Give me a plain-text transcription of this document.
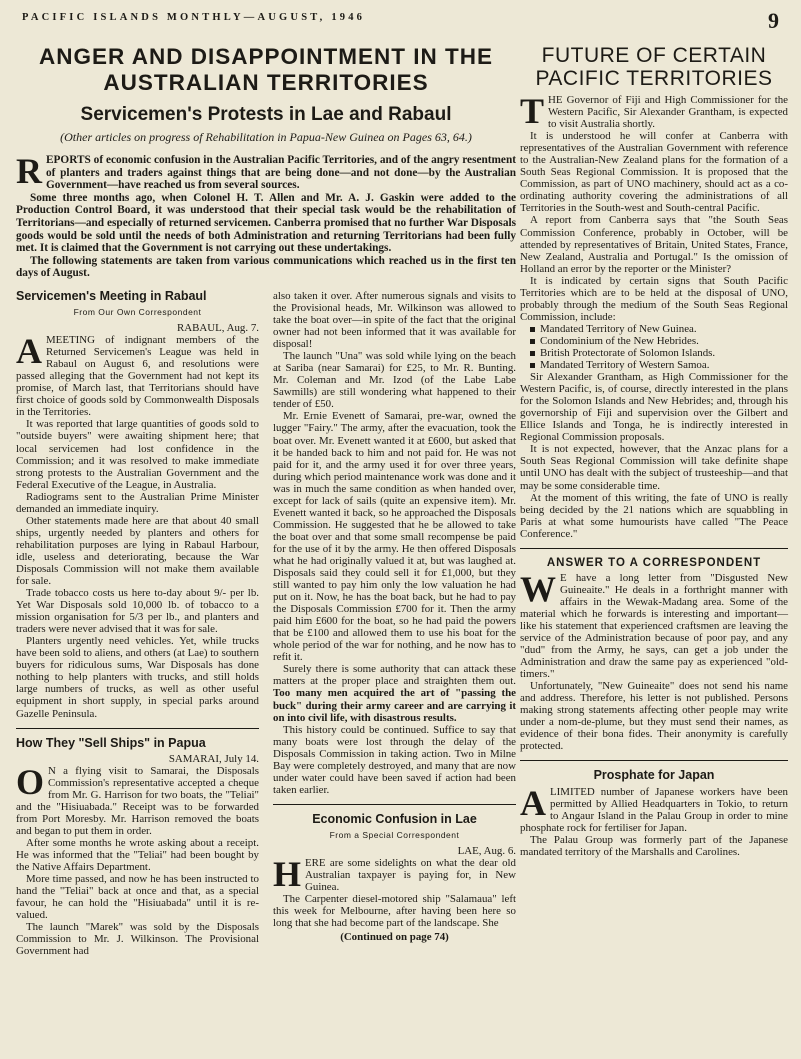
PACIFIC ISLANDS MONTHLY—AUGUST, 1946	9
ANGER AND DISAPPOINTMENT IN THE AUSTRALIAN TERRITORIES
Servicemen's Protests in Lae and Rabaul
(Other articles on progress of Rehabilitation in Papua-New Guinea on Pages 63, 64.)

REPORTS of economic confusion in the Australian Pacific Territories, and of the angry resentment of planters and traders against things that are being done—and not done—by the Australian Government—have reached us from several sources.

Some three months ago, when Colonel H. T. Allen and Mr. A. J. Gaskin were added to the Production Control Board, it was understood that their special task would be the rehabilitation of Territorians—and especially of returned servicemen. Canberra promised that no further War Disposals goods would be sold until the needs of both Administration and returning Territorians had been fully met. It is claimed that the Government is not carrying out these undertakings.

The following statements are taken from various communications which reached us in the first ten days of August.

Servicemen's Meeting in Rabaul
From Our Own Correspondent

RABAUL, Aug. 7.

A MEETING of indignant members of the Returned Servicemen's League was held in Rabaul on August 6, and resolutions were passed alleging that the Government had not kept its promise, of March last, that Territorians should have first choice of goods sold by Commonwealth Disposals in the Territories.

It was reported that large quantities of goods sold to "outside buyers" were awaiting shipment here; that local servicemen had lost confidence in the Commission; and it was resolved to make immediate strong protests to the Australian Government and the Federal Executive of the League, in Australia.

Radiograms sent to the Australian Prime Minister demanded an immediate inquiry.

Other statements made here are that about 40 small ships, urgently needed by planters and others for rehabilitation purposes are lying in Rabaul Harbour, idle, useless and deteriorating, because the War Disposals Commission will not make them available for sale.

Trade tobacco costs us here to-day about 9/- per lb. Yet War Disposals sold 10,000 lb. of tobacco to a mission organisation for 5/3 per lb., and planters and traders were never advised that it was for sale.

Planters urgently need vehicles. Yet, while trucks have been sold to aliens, and others (at Lae) to southern buyers for ridiculous sums, War Disposals has done nothing to help planters with trucks, and still holds large numbers of trucks, as well as other useful equipment in short supply, in special parks around Gazelle Peninsula.

How They "Sell Ships" in Papua

SAMARAI, July 14.

O N a flying visit to Samarai, the Disposals Commission's representative accepted a cheque from Mr. G. Harrison for two boats, the "Teliai" and the "Hisiuabada." Receipt was to be forwarded from Port Moresby. Mr. Harrison removed the boats and began to put them in order.

After some months he wrote asking about a receipt. He was informed that the "Teliai" had been bought by the Native Affairs Department.

More time passed, and now he has been instructed to hand the "Teliai" back at once and that, as a special favour, he can hold the "Hisiuabada" until it is re-valued.

The launch "Marek" was sold by the Disposals Commission to Mr. J. Wilkinson. The Provisional Government had

also taken it over. After numerous signals and visits to the Provisional heads, Mr. Wilkinson was allowed to take the boat over—in spite of the fact that the original owner had not been informed that it was available for disposal!

The launch "Una" was sold while lying on the beach at Sariba (near Samarai) for £25, to Mr. R. Bunting. Mr. Coleman and Mr. Izod (of the Labe Labe Sawmills) are still wondering what happened to their tender of £50.

Mr. Ernie Evenett of Samarai, pre-war, owned the lugger "Fairy." The army, after the evacuation, took the boat over. Mr. Evenett wanted it at £600, but asked that it be handed back to him and not paid for. He was not paid for it, and the army used it for over three years, during which period maintenance work was done and it was in much the same condition as when handed over, except for lack of sails (quite an expensive item). Mr. Evenett wanted it back, so he approached the Disposals Commission. He suggested that he be allowed to take the boat over and that some small recompense be paid for the use of it by the army. He then offered Disposals what he had originally valued it at, but was laughed at. Disposals said they could sell it for £1,000, but they still wanted to pay him only the low valuation he had put on it. Now, he has the boat back, but he had to pay the Disposals Commission £700 for it. Then the army paid him £600 for the boat, so he had paid the powers that be £100 and allowed them to use his boat for the whole period of the war for nothing, and he now has to refit it.

Surely there is some authority that can attack these matters at the proper place and straighten them out. Too many men acquired the art of "passing the buck" during their army career and are carrying it on into civil life, with disastrous results.

This history could be continued. Suffice to say that many boats were lost through the delay of the Disposals Commission in taking action. Two in Milne Bay were completely destroyed, and many that are now under water could have been saved if action had been taken earlier.

Economic Confusion in Lae
From a Special Correspondent

LAE, Aug. 6.

HERE are some sidelights on what the dear old Australian taxpayer is paying for, in New Guinea.

The Carpenter diesel-motored ship "Salamaua" left this week for Melbourne, after having been here so long that she had become part of the landscape. She

(Continued on page 74)
FUTURE OF CERTAIN PACIFIC TERRITORIES

THE Governor of Fiji and High Commissioner for the Western Pacific, Sir Alexander Grantham, is expected to visit Australia shortly.

It is understood he will confer at Canberra with representatives of the Australian Government with reference to the Australian-New Zealand plans for the formation of a South Seas Regional Commission. It is proposed that the Commission, as part of UNO machinery, should act as a co-ordinating authority covering the administrations of all Territories in the South-west and South-central Pacific.

A report from Canberra says that "the South Seas Commission Conference, probably in October, will be attended by representatives of Britain, United States, France, New Zealand, Australia and Portugal." Is the omission of Holland an error by the reporter or the Minister?

It is indicated by certain signs that South Pacific Territories which are to be held at the disposal of UNO, probably through the medium of the South Seas Regional Commission, include:

Mandated Territory of New Guinea.
Condominium of the New Hebrides.
British Protectorate of Solomon Islands.
Mandated Territory of Western Samoa.

Sir Alexander Grantham, as High Commissioner for the Western Pacific, is, of course, directly interested in the plans for the Solomon Islands and New Hebrides; and, through his governorship of Fiji and supervision over the Gilbert and Ellice Islands and Tonga, he is indirectly interested in Regional Commission proposals.

It is not expected, however, that the Anzac plans for a South Seas Regional Commission will take definite shape until UNO has dealt with the subject of trusteeship—and that may be some considerable time.

At the moment of this writing, the fate of UNO is really being decided by the 21 nations which are squabbling in Paris at what some humourists have called "The Peace Conference."

ANSWER TO A CORRESPONDENT

W E have a long letter from "Disgusted New Guineaite." He deals in a forthright manner with affairs in the Wewak-Madang area. Some of the material which he forwards is interesting and important—like his statement that experienced craftsmen are leaving the service of the Administration because of poor pay, and any "dud" from the Army, he says, can get a job under the Administration and draw the same pay as experienced "old-timers."

Unfortunately, "New Guineaite" does not send his name and address. Therefore, his letter is not published. Persons making strong statements affecting other people may write under a nom-de-plume, but they must send their names, as evidence of their bona fides. Their anonymity is carefully protected.

Prosphate for Japan

A LIMITED number of Japanese workers have been permitted by Allied Headquarters in Tokio, to return to Angaur Island in the Palau Group in order to mine phosphate rock for fertiliser for Japan.

The Palau Group was formerly part of the Japanese mandated territory of the Marshalls and Carolines.
